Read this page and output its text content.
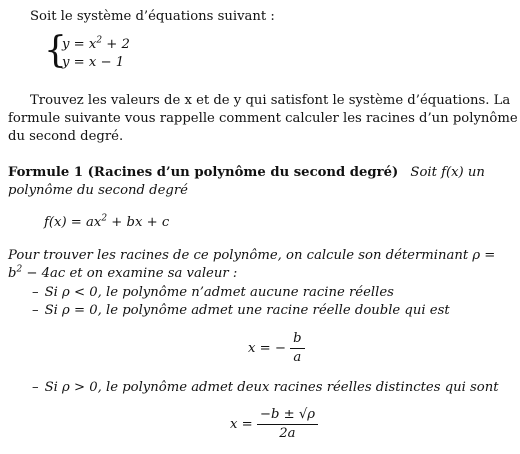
Soit le système d’équations suivant :
{
$y = x^2 + 2$
y = x − 1
Trouvez les valeurs de x et de y qui satisfont le système d’équations. La
formule suivante vous rappelle comment calculer les racines d’un polynôme
du second degré.
Formule 1 (Racines d’un polynôme du second degré) Soit f(x) un
polynôme du second degré
$f(x) = ax^2$ + bx + c
Pour trouver les racines de ce polynôme, on calcule son déterminant ρ =
$b^2 - 4ac$ et on examine sa valeur :
– Si ρ < 0, le polynôme n’admet aucune racine réelles
– Si ρ = 0, le polynôme admet une racine réelle double qui est
x = − $\frac{b}{a}$
– Si ρ > 0, le polynôme admet deux racines réelles distinctes qui sont
$x = \frac{-b \pm √\rho}{2a}$
